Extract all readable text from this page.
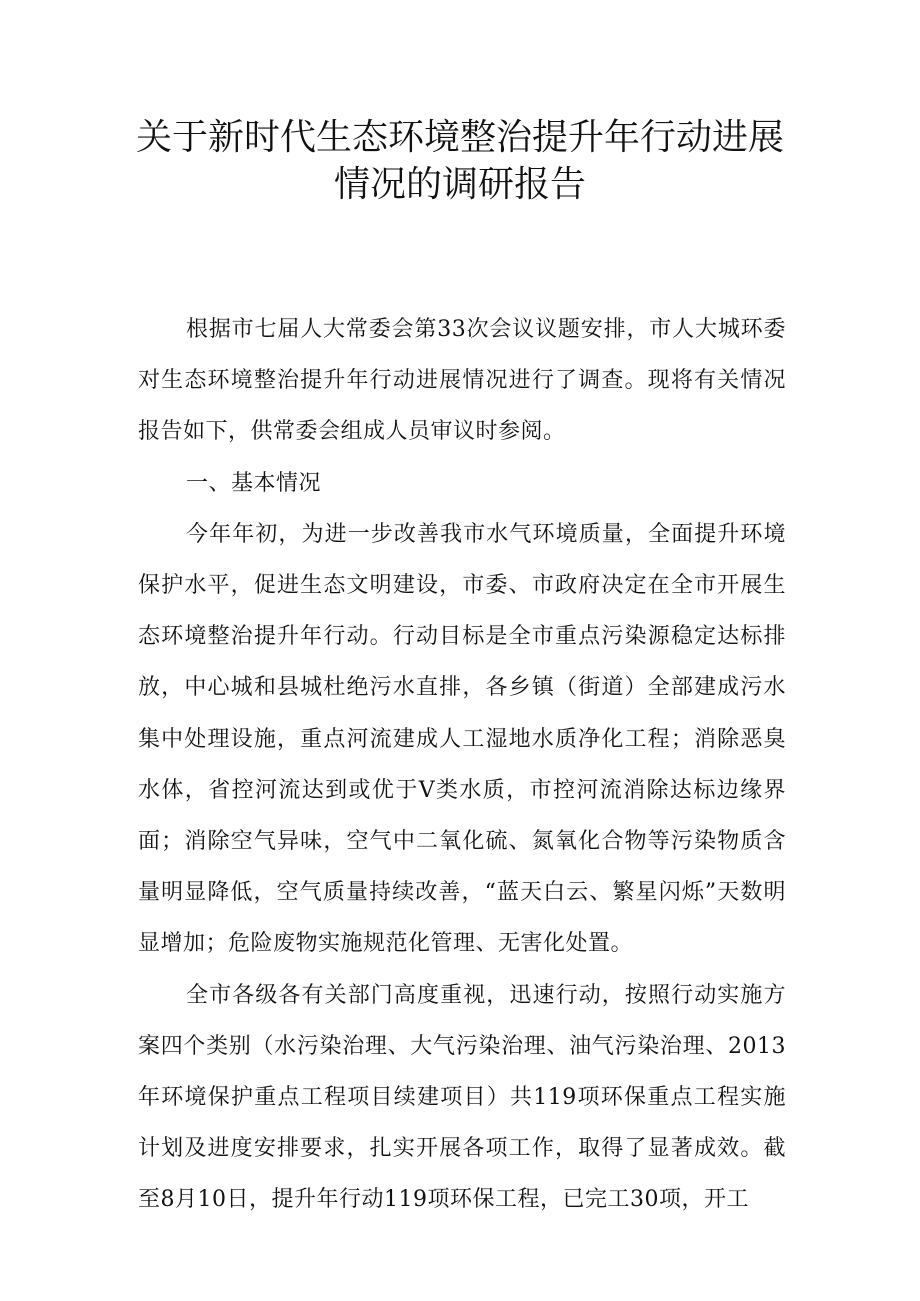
关于新时代生态环境整治提升年行动进展
情况的调研报告

根据市七届人大常委会第33次会议议题安排，市人大城环委对生态环境整治提升年行动进展情况进行了调查。现将有关情况报告如下，供常委会组成人员审议时参阅。

一、基本情况

今年年初，为进一步改善我市水气环境质量，全面提升环境保护水平，促进生态文明建设，市委、市政府决定在全市开展生态环境整治提升年行动。行动目标是全市重点污染源稳定达标排放，中心城和县城杜绝污水直排，各乡镇（街道）全部建成污水集中处理设施，重点河流建成人工湿地水质净化工程；消除恶臭水体，省控河流达到或优于Ⅴ类水质，市控河流消除达标边缘界面；消除空气异味，空气中二氧化硫、氮氧化合物等污染物质含量明显降低，空气质量持续改善，“蓝天白云、繁星闪烁”天数明显增加；危险废物实施规范化管理、无害化处置。

全市各级各有关部门高度重视，迅速行动，按照行动实施方案四个类别（水污染治理、大气污染治理、油气污染治理、2013年环境保护重点工程项目续建项目）共119项环保重点工程实施计划及进度安排要求，扎实开展各项工作，取得了显著成效。截至8月10日，提升年行动119项环保工程，已完工30项，开工
